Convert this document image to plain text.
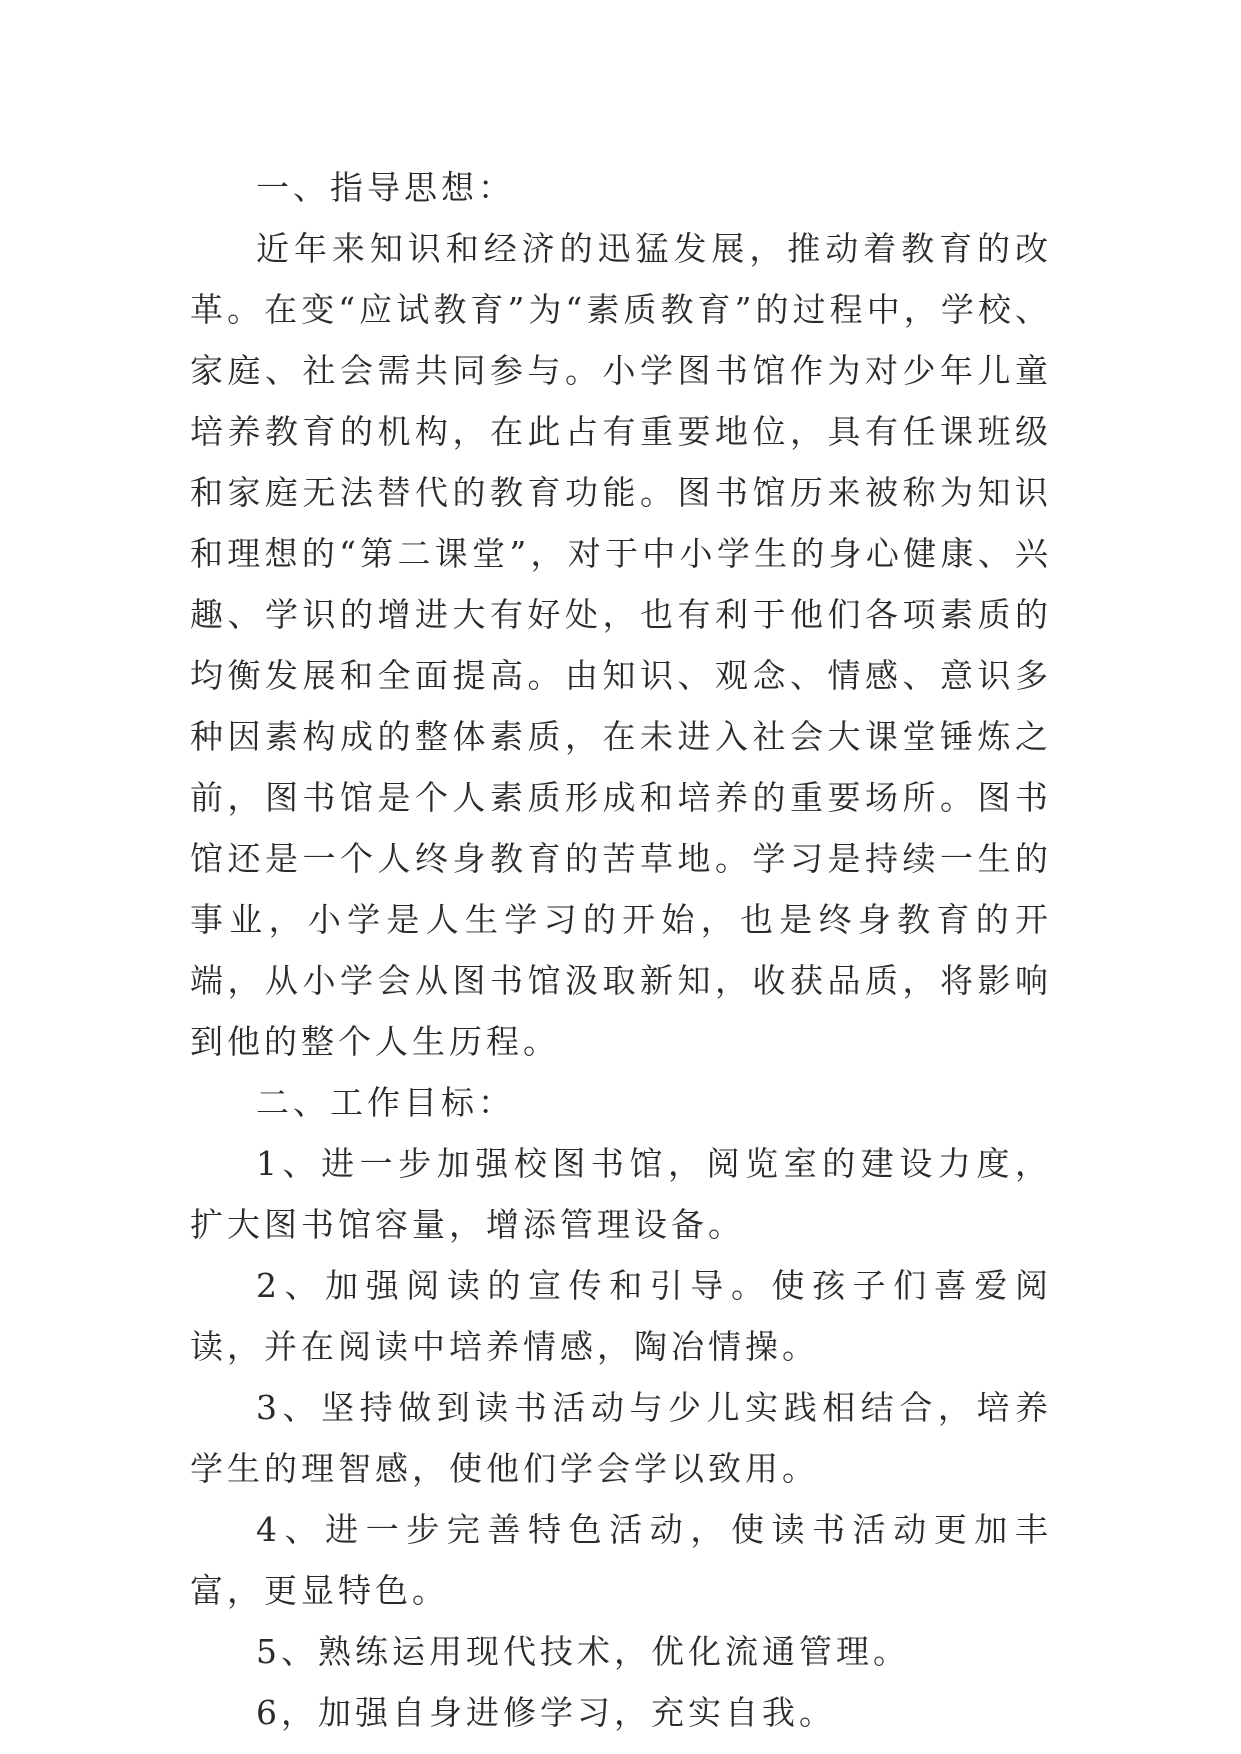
一、指导思想：

近年来知识和经济的迅猛发展，推动着教育的改革。在变“应试教育”为“素质教育”的过程中，学校、家庭、社会需共同参与。小学图书馆作为对少年儿童培养教育的机构，在此占有重要地位，具有任课班级和家庭无法替代的教育功能。图书馆历来被称为知识和理想的“第二课堂”，对于中小学生的身心健康、兴趣、学识的增进大有好处，也有利于他们各项素质的均衡发展和全面提高。由知识、观念、情感、意识多种因素构成的整体素质，在未进入社会大课堂锤炼之前，图书馆是个人素质形成和培养的重要场所。图书馆还是一个人终身教育的苦草地。学习是持续一生的事业，小学是人生学习的开始，也是终身教育的开端，从小学会从图书馆汲取新知，收获品质，将影响到他的整个人生历程。

二、工作目标：

1、进一步加强校图书馆，阅览室的建设力度，扩大图书馆容量，增添管理设备。

2、加强阅读的宣传和引导。使孩子们喜爱阅读，并在阅读中培养情感，陶冶情操。

3、坚持做到读书活动与少儿实践相结合，培养学生的理智感，使他们学会学以致用。

4、进一步完善特色活动，使读书活动更加丰富，更显特色。

5、熟练运用现代技术，优化流通管理。

6，加强自身进修学习，充实自我。
